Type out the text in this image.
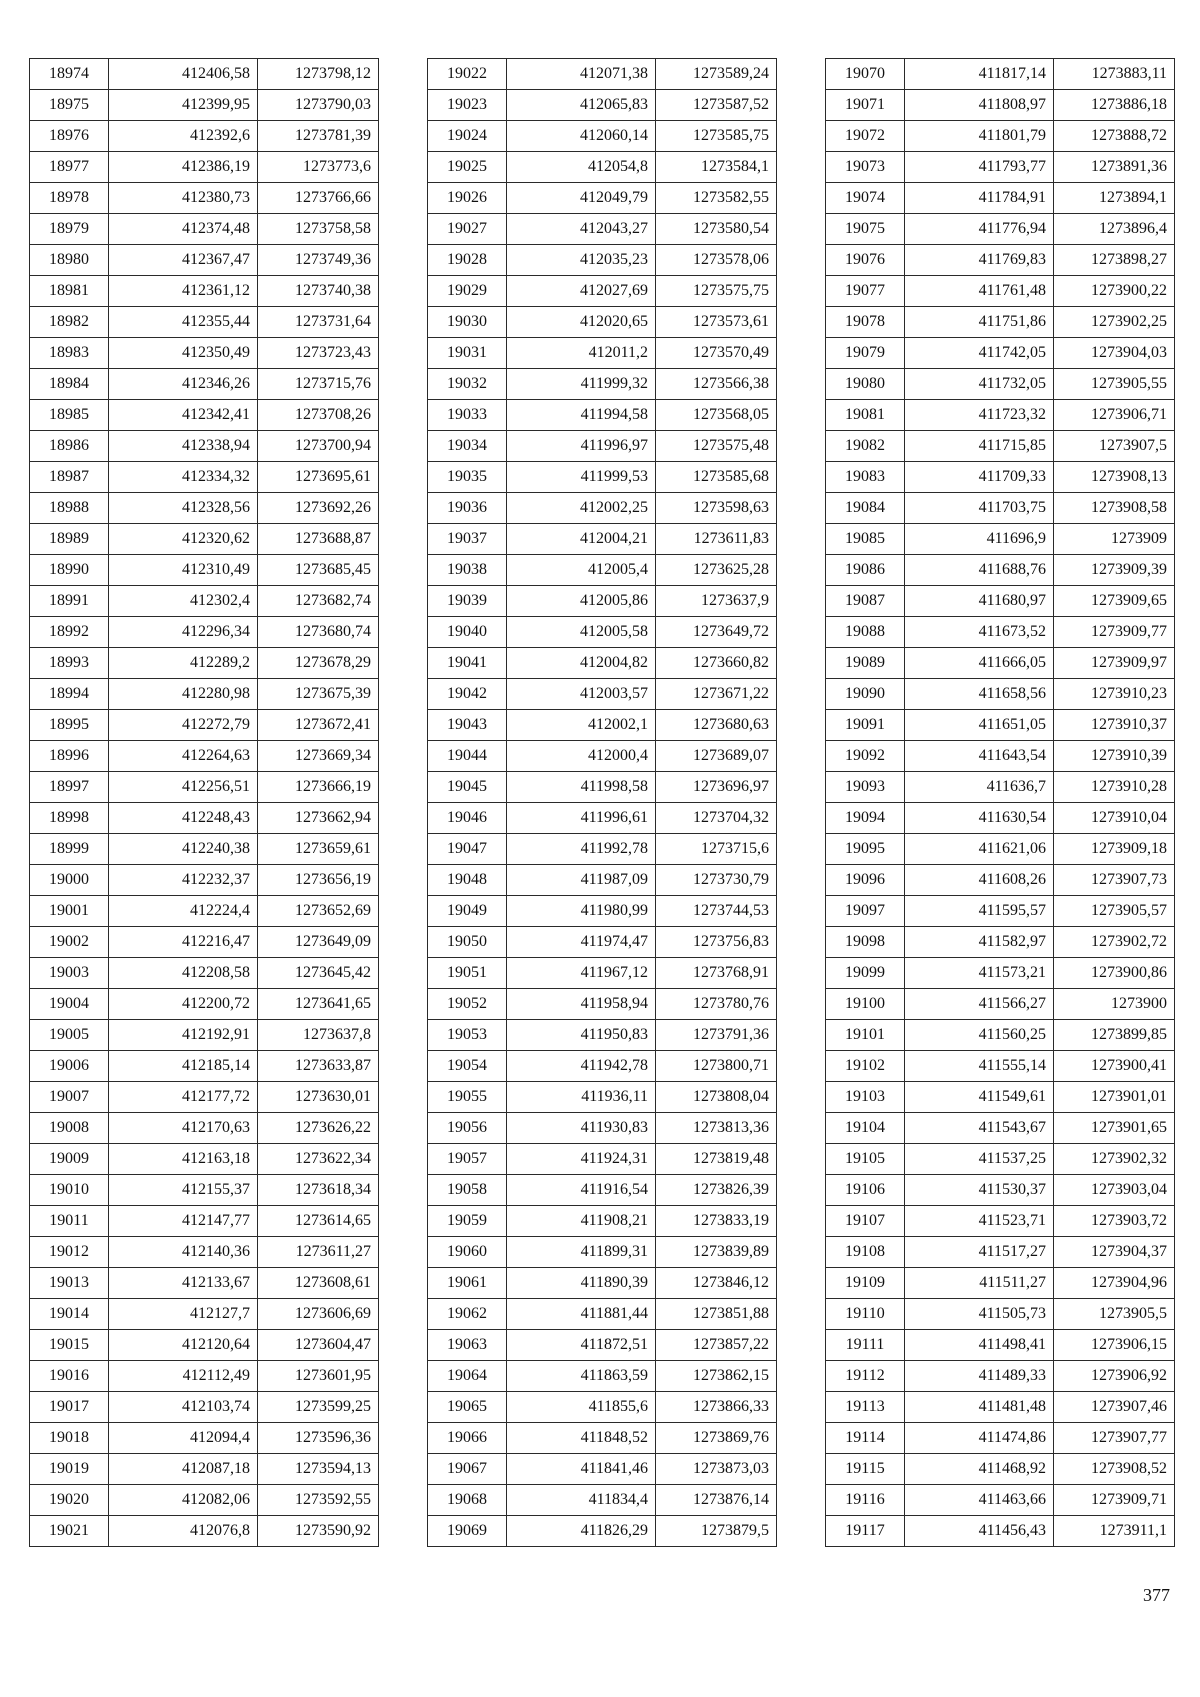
18974	412406,58	1273798,12
18975	412399,95	1273790,03
18976	412392,6	1273781,39
18977	412386,19	1273773,6
18978	412380,73	1273766,66
18979	412374,48	1273758,58
18980	412367,47	1273749,36
18981	412361,12	1273740,38
18982	412355,44	1273731,64
18983	412350,49	1273723,43
18984	412346,26	1273715,76
18985	412342,41	1273708,26
18986	412338,94	1273700,94
18987	412334,32	1273695,61
18988	412328,56	1273692,26
18989	412320,62	1273688,87
18990	412310,49	1273685,45
18991	412302,4	1273682,74
18992	412296,34	1273680,74
18993	412289,2	1273678,29
18994	412280,98	1273675,39
18995	412272,79	1273672,41
18996	412264,63	1273669,34
18997	412256,51	1273666,19
18998	412248,43	1273662,94
18999	412240,38	1273659,61
19000	412232,37	1273656,19
19001	412224,4	1273652,69
19002	412216,47	1273649,09
19003	412208,58	1273645,42
19004	412200,72	1273641,65
19005	412192,91	1273637,8
19006	412185,14	1273633,87
19007	412177,72	1273630,01
19008	412170,63	1273626,22
19009	412163,18	1273622,34
19010	412155,37	1273618,34
19011	412147,77	1273614,65
19012	412140,36	1273611,27
19013	412133,67	1273608,61
19014	412127,7	1273606,69
19015	412120,64	1273604,47
19016	412112,49	1273601,95
19017	412103,74	1273599,25
19018	412094,4	1273596,36
19019	412087,18	1273594,13
19020	412082,06	1273592,55
19021	412076,8	1273590,92
19022	412071,38	1273589,24
19023	412065,83	1273587,52
19024	412060,14	1273585,75
19025	412054,8	1273584,1
19026	412049,79	1273582,55
19027	412043,27	1273580,54
19028	412035,23	1273578,06
19029	412027,69	1273575,75
19030	412020,65	1273573,61
19031	412011,2	1273570,49
19032	411999,32	1273566,38
19033	411994,58	1273568,05
19034	411996,97	1273575,48
19035	411999,53	1273585,68
19036	412002,25	1273598,63
19037	412004,21	1273611,83
19038	412005,4	1273625,28
19039	412005,86	1273637,9
19040	412005,58	1273649,72
19041	412004,82	1273660,82
19042	412003,57	1273671,22
19043	412002,1	1273680,63
19044	412000,4	1273689,07
19045	411998,58	1273696,97
19046	411996,61	1273704,32
19047	411992,78	1273715,6
19048	411987,09	1273730,79
19049	411980,99	1273744,53
19050	411974,47	1273756,83
19051	411967,12	1273768,91
19052	411958,94	1273780,76
19053	411950,83	1273791,36
19054	411942,78	1273800,71
19055	411936,11	1273808,04
19056	411930,83	1273813,36
19057	411924,31	1273819,48
19058	411916,54	1273826,39
19059	411908,21	1273833,19
19060	411899,31	1273839,89
19061	411890,39	1273846,12
19062	411881,44	1273851,88
19063	411872,51	1273857,22
19064	411863,59	1273862,15
19065	411855,6	1273866,33
19066	411848,52	1273869,76
19067	411841,46	1273873,03
19068	411834,4	1273876,14
19069	411826,29	1273879,5
19070	411817,14	1273883,11
19071	411808,97	1273886,18
19072	411801,79	1273888,72
19073	411793,77	1273891,36
19074	411784,91	1273894,1
19075	411776,94	1273896,4
19076	411769,83	1273898,27
19077	411761,48	1273900,22
19078	411751,86	1273902,25
19079	411742,05	1273904,03
19080	411732,05	1273905,55
19081	411723,32	1273906,71
19082	411715,85	1273907,5
19083	411709,33	1273908,13
19084	411703,75	1273908,58
19085	411696,9	1273909
19086	411688,76	1273909,39
19087	411680,97	1273909,65
19088	411673,52	1273909,77
19089	411666,05	1273909,97
19090	411658,56	1273910,23
19091	411651,05	1273910,37
19092	411643,54	1273910,39
19093	411636,7	1273910,28
19094	411630,54	1273910,04
19095	411621,06	1273909,18
19096	411608,26	1273907,73
19097	411595,57	1273905,57
19098	411582,97	1273902,72
19099	411573,21	1273900,86
19100	411566,27	1273900
19101	411560,25	1273899,85
19102	411555,14	1273900,41
19103	411549,61	1273901,01
19104	411543,67	1273901,65
19105	411537,25	1273902,32
19106	411530,37	1273903,04
19107	411523,71	1273903,72
19108	411517,27	1273904,37
19109	411511,27	1273904,96
19110	411505,73	1273905,5
19111	411498,41	1273906,15
19112	411489,33	1273906,92
19113	411481,48	1273907,46
19114	411474,86	1273907,77
19115	411468,92	1273908,52
19116	411463,66	1273909,71
19117	411456,43	1273911,1
377
